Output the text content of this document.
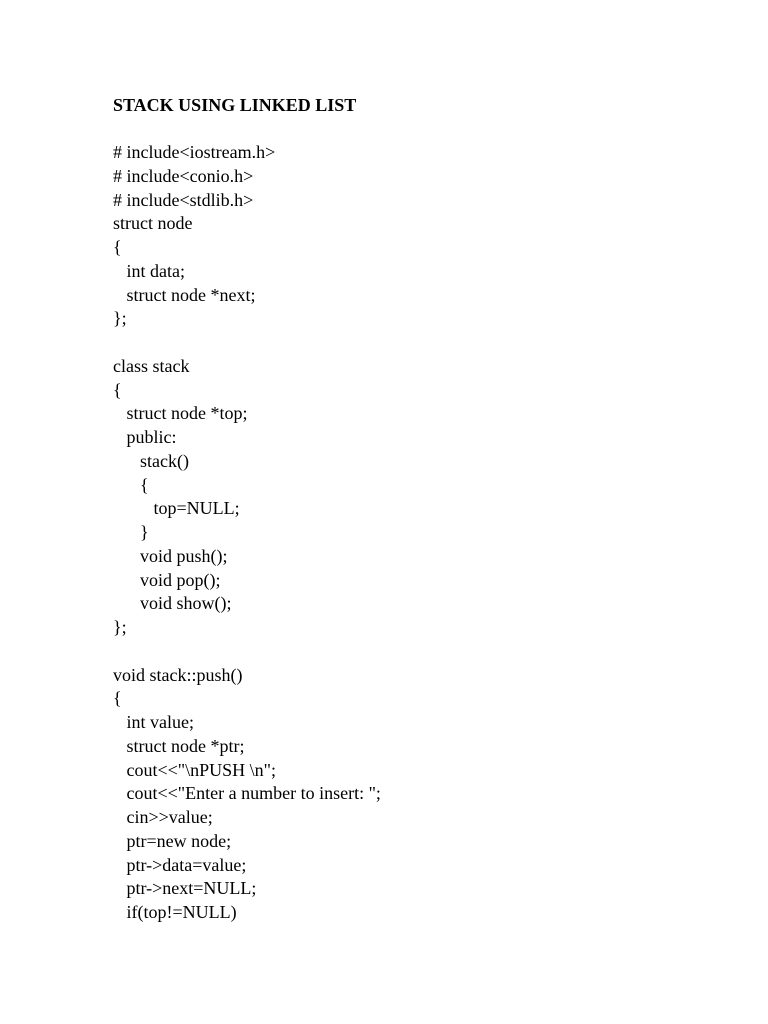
STACK USING LINKED LIST
# include<iostream.h>
# include<conio.h>
# include<stdlib.h>
struct node
{
int data;
struct node *next;
};
class stack
{
struct node *top;
public:
stack()
{
top=NULL;
}
void push();
void pop();
void show();
};
void stack::push()
{
int value;
struct node *ptr;
cout<<"\nPUSH \n";
cout<<"Enter a number to insert: ";
cin>>value;
ptr=new node;
ptr->data=value;
ptr->next=NULL;
if(top!=NULL)
